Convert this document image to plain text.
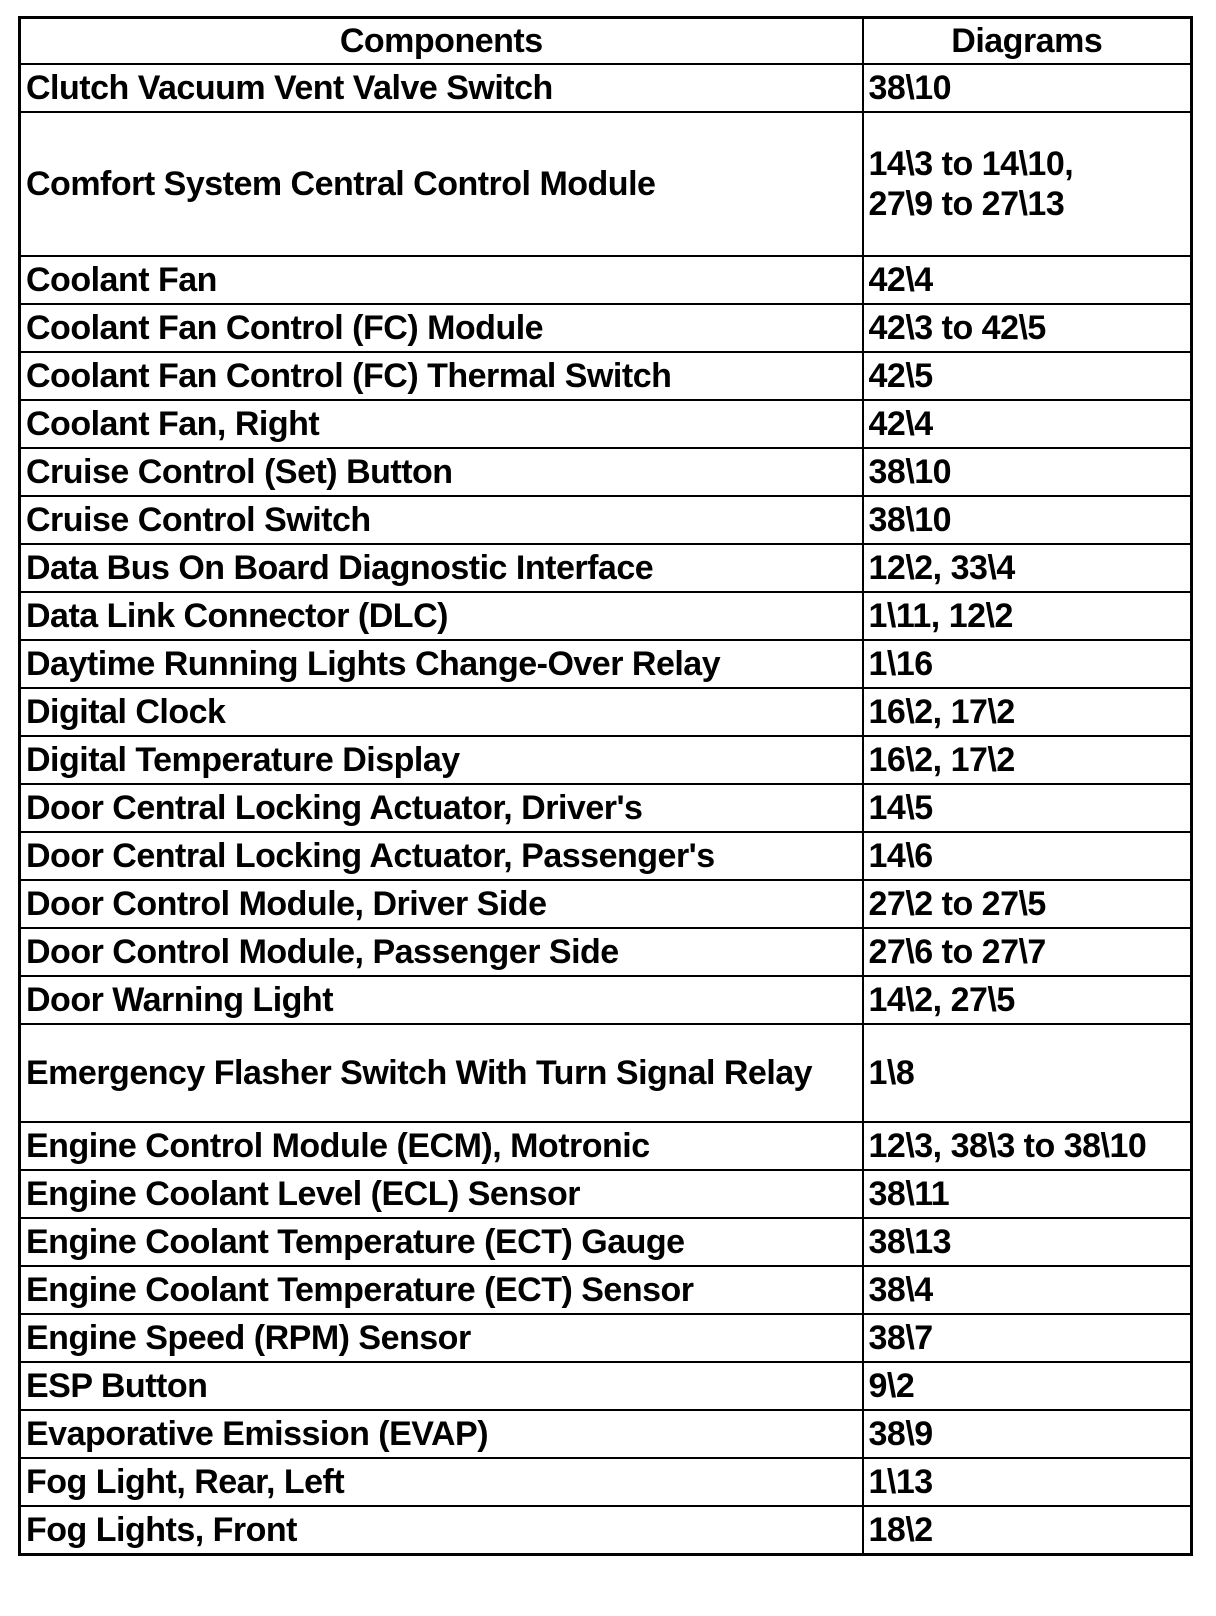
Components	Diagrams
Clutch Vacuum Vent Valve Switch	38\10
Comfort System Central Control Module	14\3 to 14\10,
27\9 to 27\13
Coolant Fan	42\4
Coolant Fan Control (FC) Module	42\3 to 42\5
Coolant Fan Control (FC) Thermal Switch	42\5
Coolant Fan, Right	42\4
Cruise Control (Set) Button	38\10
Cruise Control Switch	38\10
Data Bus On Board Diagnostic Interface	12\2, 33\4
Data Link Connector (DLC)	1\11, 12\2
Daytime Running Lights Change-Over Relay	1\16
Digital Clock	16\2, 17\2
Digital Temperature Display	16\2, 17\2
Door Central Locking Actuator, Driver's	14\5
Door Central Locking Actuator, Passenger's	14\6
Door Control Module, Driver Side	27\2 to 27\5
Door Control Module, Passenger Side	27\6 to 27\7
Door Warning Light	14\2, 27\5
Emergency Flasher Switch With Turn Signal Relay	1\8
Engine Control Module (ECM), Motronic	12\3, 38\3 to 38\10
Engine Coolant Level (ECL) Sensor	38\11
Engine Coolant Temperature (ECT) Gauge	38\13
Engine Coolant Temperature (ECT) Sensor	38\4
Engine Speed (RPM) Sensor	38\7
ESP Button	9\2
Evaporative Emission (EVAP)	38\9
Fog Light, Rear, Left	1\13
Fog Lights, Front	18\2
